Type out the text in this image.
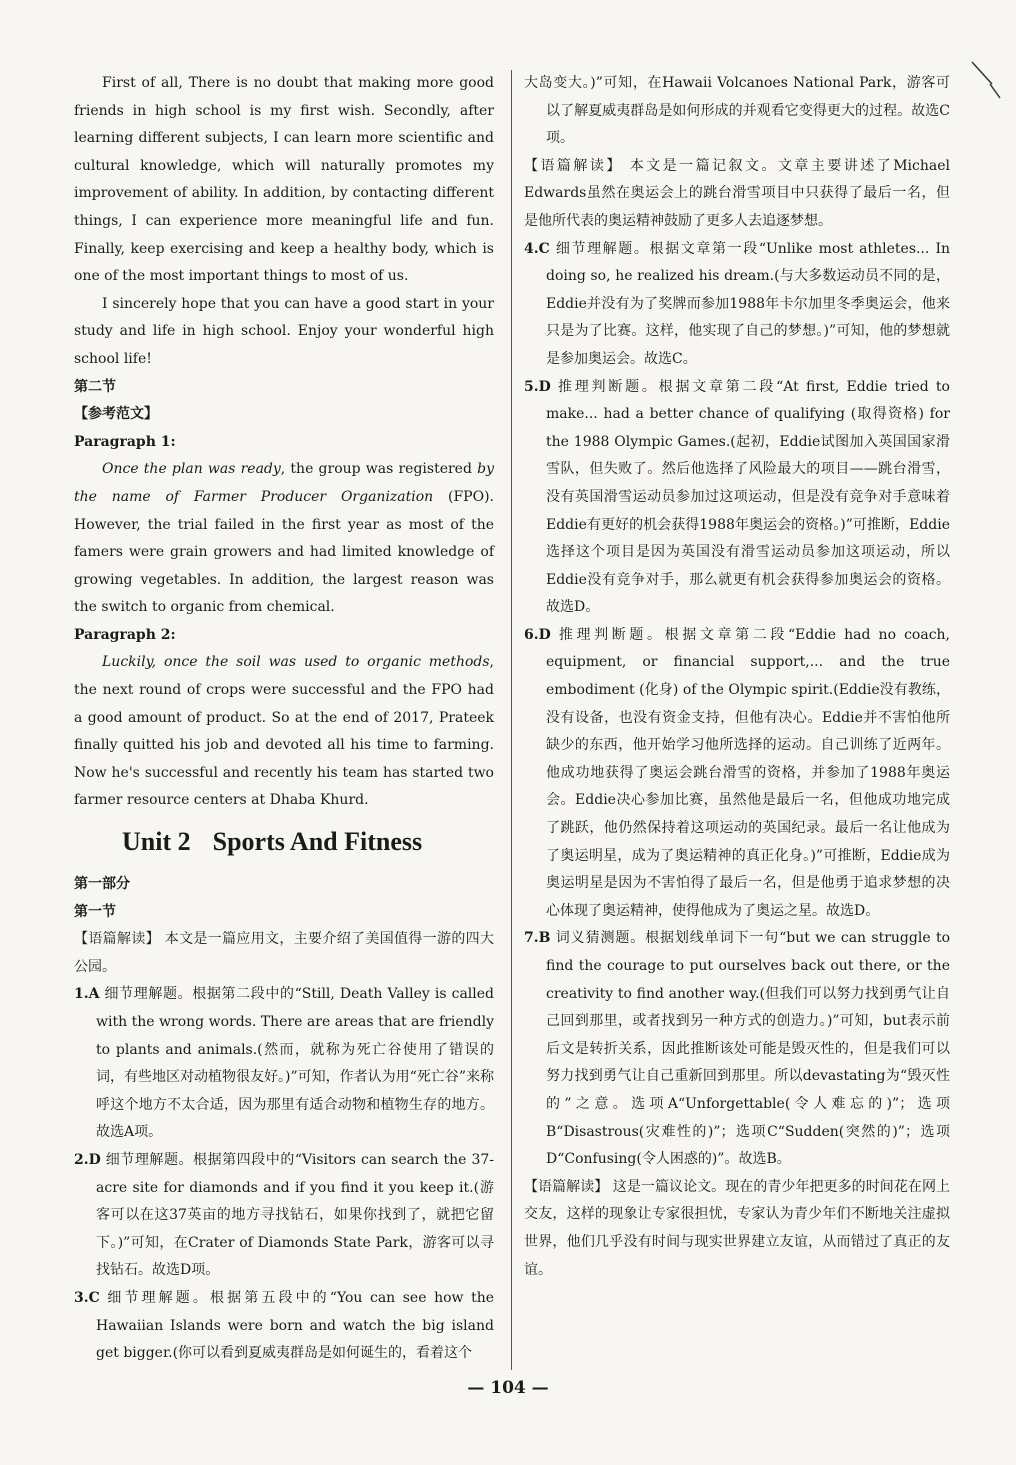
First of all, There is no doubt that making more good friends in high school is my first wish. Secondly, after learning different subjects, I can learn more scientific and cultural knowledge, which will naturally promotes my improvement of ability. In addition, by contacting different things, I can experience more meaningful life and fun. Finally, keep exercising and keep a healthy body, which is one of the most important things to most of us.

I sincerely hope that you can have a good start in your study and life in high school. Enjoy your wonderful high school life!

第二节

【参考范文】

Paragraph 1:

Once the plan was ready, the group was registered by the name of Farmer Producer Organization (FPO). However, the trial failed in the first year as most of the famers were grain growers and had limited knowledge of growing vegetables. In addition, the largest reason was the switch to organic from chemical.

Paragraph 2:

Luckily, once the soil was used to organic methods, the next round of crops were successful and the FPO had a good amount of product. So at the end of 2017, Prateek finally quitted his job and devoted all his time to farming. Now he's successful and recently his team has started two farmer resource centers at Dhaba Khurd.

Unit 2 Sports And Fitness

第一部分

第一节

【语篇解读】 本文是一篇应用文，主要介绍了美国值得一游的四大公园。

1.A 细节理解题。根据第二段中的“Still, Death Valley is called with the wrong words. There are areas that are friendly to plants and animals.(然而，就称为死亡谷使用了错误的词，有些地区对动植物很友好。)”可知，作者认为用“死亡谷”来称呼这个地方不太合适，因为那里有适合动物和植物生存的地方。故选A项。

2.D 细节理解题。根据第四段中的“Visitors can search the 37-acre site for diamonds and if you find it you keep it.(游客可以在这37英亩的地方寻找钻石，如果你找到了，就把它留下。)”可知，在Crater of Diamonds State Park，游客可以寻找钻石。故选D项。

3.C 细节理解题。根据第五段中的“You can see how the Hawaiian Islands were born and watch the big island get bigger.(你可以看到夏威夷群岛是如何诞生的，看着这个

大岛变大。)”可知，在Hawaii Volcanoes National Park，游客可以了解夏威夷群岛是如何形成的并观看它变得更大的过程。故选C项。

【语篇解读】 本文是一篇记叙文。文章主要讲述了Michael Edwards虽然在奥运会上的跳台滑雪项目中只获得了最后一名，但是他所代表的奥运精神鼓励了更多人去追逐梦想。

4.C 细节理解题。根据文章第一段“Unlike most athletes... In doing so, he realized his dream.(与大多数运动员不同的是，Eddie并没有为了奖牌而参加1988年卡尔加里冬季奥运会，他来只是为了比赛。这样，他实现了自己的梦想。)”可知，他的梦想就是参加奥运会。故选C。

5.D 推理判断题。根据文章第二段“At first, Eddie tried to make... had a better chance of qualifying (取得资格) for the 1988 Olympic Games.(起初，Eddie试图加入英国国家滑雪队，但失败了。然后他选择了风险最大的项目——跳台滑雪，没有英国滑雪运动员参加过这项运动，但是没有竞争对手意味着Eddie有更好的机会获得1988年奥运会的资格。)”可推断，Eddie选择这个项目是因为英国没有滑雪运动员参加这项运动，所以Eddie没有竞争对手，那么就更有机会获得参加奥运会的资格。故选D。

6.D 推理判断题。根据文章第二段“Eddie had no coach, equipment, or financial support,... and the true embodiment (化身) of the Olympic spirit.(Eddie没有教练，没有设备，也没有资金支持，但他有决心。Eddie并不害怕他所缺少的东西，他开始学习他所选择的运动。自己训练了近两年。他成功地获得了奥运会跳台滑雪的资格，并参加了1988年奥运会。Eddie决心参加比赛，虽然他是最后一名，但他成功地完成了跳跃，他仍然保持着这项运动的英国纪录。最后一名让他成为了奥运明星，成为了奥运精神的真正化身。)”可推断，Eddie成为奥运明星是因为不害怕得了最后一名，但是他勇于追求梦想的决心体现了奥运精神，使得他成为了奥运之星。故选D。

7.B 词义猜测题。根据划线单词下一句“but we can struggle to find the courage to put ourselves back out there, or the creativity to find another way.(但我们可以努力找到勇气让自己回到那里，或者找到另一种方式的创造力。)”可知，but表示前后文是转折关系，因此推断该处可能是毁灭性的，但是我们可以努力找到勇气让自己重新回到那里。所以devastating为“毁灭性的”之意。选项A“Unforgettable(令人难忘的)”；选项B“Disastrous(灾难性的)”；选项C“Sudden(突然的)”；选项D“Confusing(令人困惑的)”。故选B。

【语篇解读】 这是一篇议论文。现在的青少年把更多的时间花在网上交友，这样的现象让专家很担忧，专家认为青少年们不断地关注虚拟世界，他们几乎没有时间与现实世界建立友谊，从而错过了真正的友谊。

— 104 —
